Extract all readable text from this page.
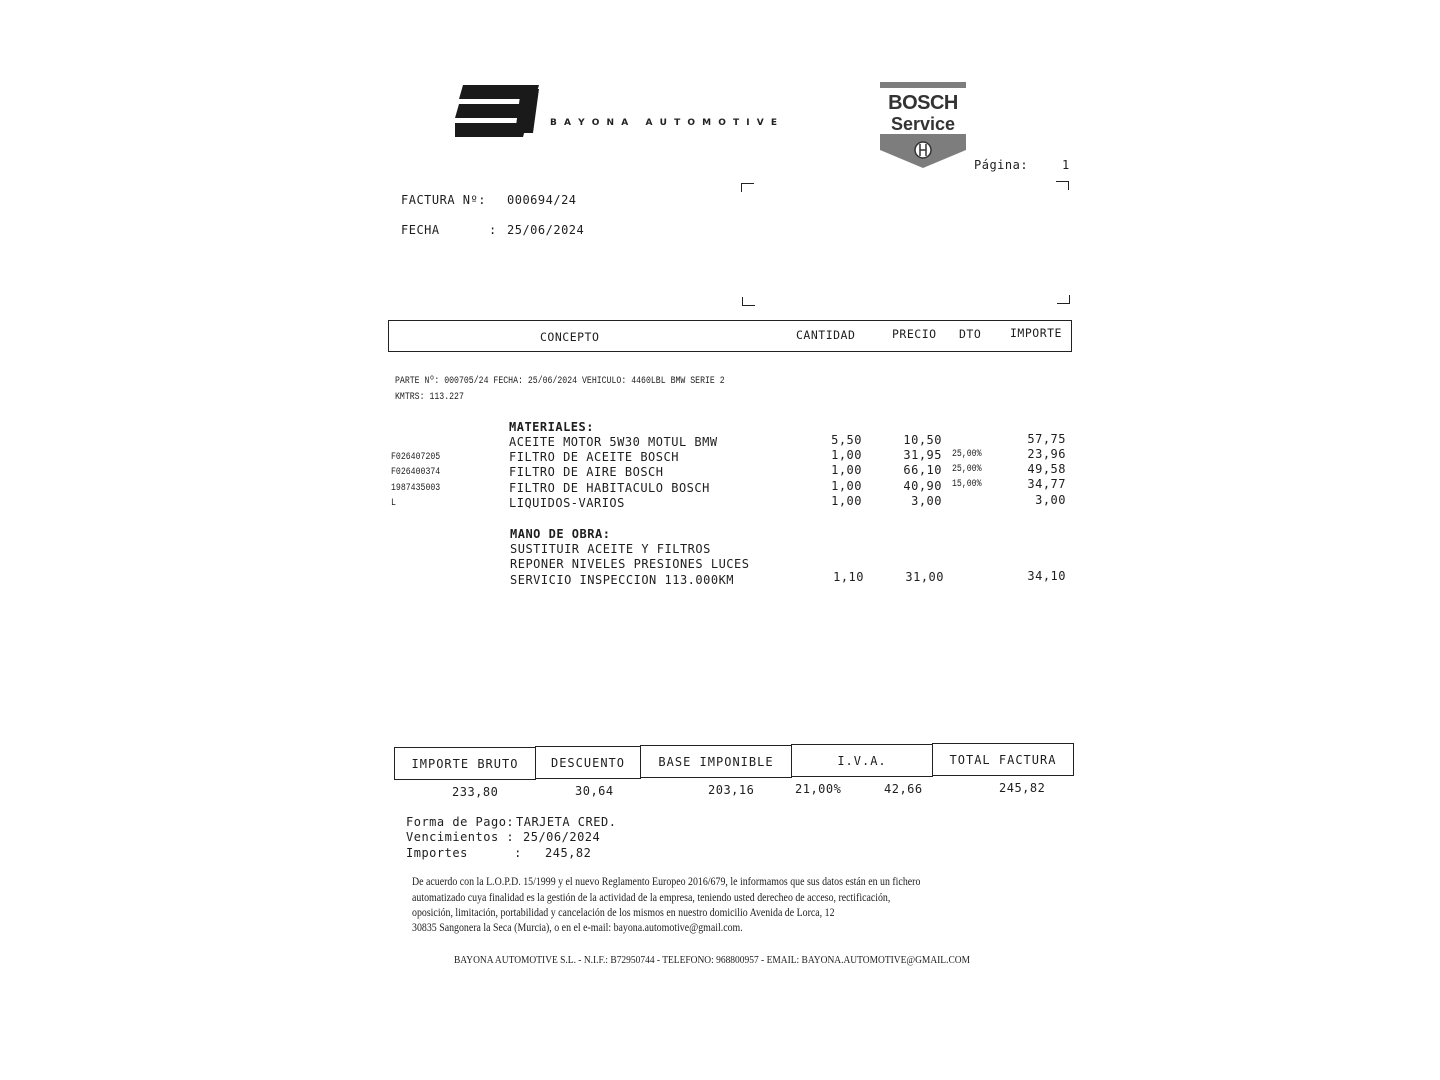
B A Y O N A   A U T O M O T I V E
BOSCH
Service
Página:	1
FACTURA Nº: 000694/24
FECHA	: 25/06/2024
CONCEPTO	CANTIDAD	PRECIO DTO IMPORTE
PARTE Nº: 000705/24 FECHA: 25/06/2024 VEHICULO: 4460LBL BMW SERIE 2
KMTRS: 113.227
MATERIALES:
ACEITE MOTOR 5W30 MOTUL BMW	5,50	10,50	57,75
F026407205	FILTRO DE ACEITE BOSCH	1,00	31,95 25,00%	23,96
F026400374	FILTRO DE AIRE BOSCH	1,00	66,10 25,00%	49,58
1987435003	FILTRO DE HABITACULO BOSCH	1,00	40,90 15,00%	34,77
L	LIQUIDOS-VARIOS	1,00	3,00	3,00
MANO DE OBRA:
SUSTITUIR ACEITE Y FILTROS
REPONER NIVELES PRESIONES LUCES
SERVICIO INSPECCION 113.000KM	1,10	31,00	34,10
IMPORTE BRUTO	DESCUENTO	BASE IMPONIBLE	I.V.A.	TOTAL FACTURA
233,80	30,64	203,16	21,00%	42,66	245,82
Forma de Pago: TARJETA CRED.
Vencimientos : 25/06/2024
Importes      : 245,82
De acuerdo con la L.O.P.D. 15/1999 y el nuevo Reglamento Europeo 2016/679, le informamos que sus datos están en un fichero
automatizado cuya finalidad es la gestión de la actividad de la empresa, teniendo usted derecheo de acceso, rectificación,
oposición, limitación, portabilidad y cancelación de los mismos en nuestro domicilio Avenida de Lorca, 12
30835 Sangonera la Seca (Murcia), o en el e-mail: bayona.automotive@gmail.com.
BAYONA AUTOMOTIVE S.L. - N.I.F.: B72950744 - TELEFONO: 968800957 - EMAIL: BAYONA.AUTOMOTIVE@GMAIL.COM
